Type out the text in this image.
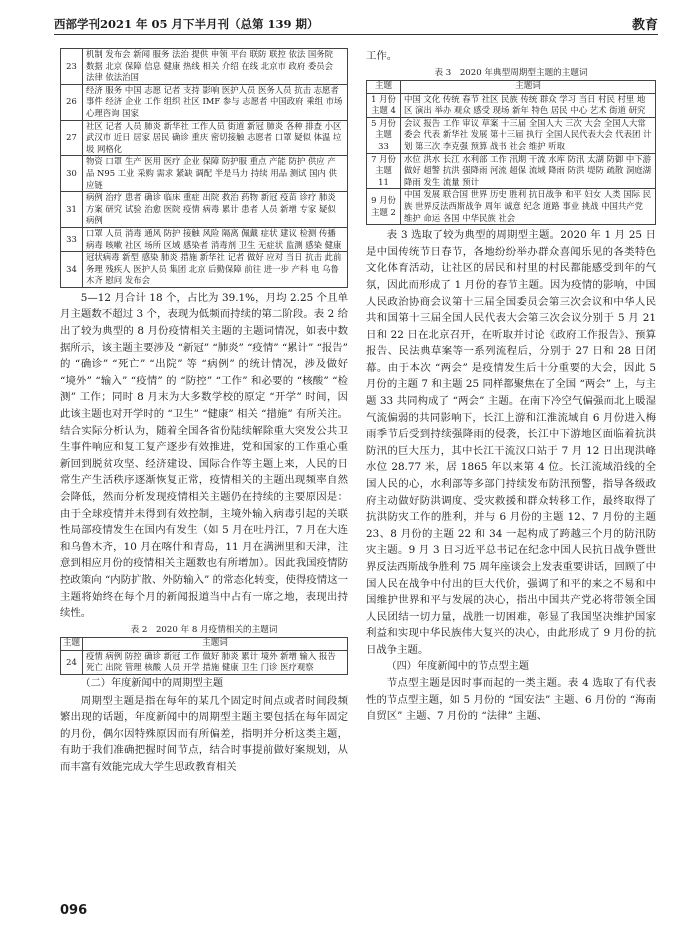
西部学刊2021 年 05 月下半月刊（总第 139 期）	教育
23	机制 发布会 新闻 服务 法治 提供 申领 平台 联防 联控 依法 国务院 数据 北京 保障 信息 健康 热线 相关 介绍 在线 北京市 政府 委员会 法律 依法治国
26	经济 服务 中国 志愿 记者 支持 影响 医护人员 医务人员 抗击 志愿者 事件 经济 企业 工作 组织 社区 IMF 参与 志愿者 中国政府 乘组 市场 心理咨询 国家
27	社区 记者 人员 肺炎 新华社 工作人员 街道 新冠 肺炎 各种 排查 小区 武汉市 近日 居家 居民 确诊 重庆 密切接触 志愿者 口罩 疑似 体温 垃圾 网格化
30	物资 口罩 生产 医用 医疗 企业 保障 防护服 重点 产能 防护 供应 产品 N95 工业 采购 需求 紧缺 调配 半是马力 持续 用品 测试 国内 供应链
31	病例 治疗 患者 确诊 临床 重症 出院 救治 药物 新冠 疫苗 诊疗 肺炎 方案 研究 试验 治愈 医院 疫情 病毒 累计 患者 人员 新增 专家 疑似病例
33	口罩 人员 消毒 通风 防护 接触 风险 隔离 佩戴 症状 建议 检测 传播 病毒 咳嗽 社区 场所 区域 感染者 消毒剂 卫生 无症状 监测 感染 健康
34	冠状病毒 新型 感染 肺炎 措施 新华社 记者 做好 应对 当日 抗击 此前 务理 残疾人 医护人员 集团 北京 后勤保障 前往 进一步 产科 电 乌鲁木齐 慰问 发布会
5—12 月合计 18 个，占比为 39.1%，月均 2.25 个且单月主题数不超过 3 个，表现为低频而持续的第二阶段。表 2 给出了较为典型的 8 月份疫情相关主题的主题词情况，如表中数据所示，该主题主要涉及 “新冠” “肺炎” “疫情” “累计” “报告” 的 “确诊” “死亡” “出院” 等 “病例” 的统计情况，涉及做好 “境外” “输入” “疫情” 的 “防控” “工作” 和必要的 “核酸” “检测” 工作；同时 8 月末为大多数学校的原定 “开学” 时间，因此该主题也对开学时的 “卫生” “健康” 相关 “措施” 有所关注。结合实际分析认为，随着全国各省份陆续解除重大突发公共卫生事件响应和复工复产逐步有效推进，党和国家的工作重心重新回到脱贫攻坚、经济建设、国际合作等主题上来，人民的日常生产生活秩序逐渐恢复正常，疫情相关的主题出现频率自然会降低，然而分析发现疫情相关主题仍在持续的主要原因是：由于全球疫情并未得到有效控制，主境外输入病毒引起的关联性局部疫情发生在国内有发生（如 5 月在吐丹江，7 月在大连和乌鲁木齐，10 月在喀什和青岛，11 月在满洲里和天津，注意到相应月份的疫情相关主题数也有所增加）。因此我国疫情防控政策向 “内防扩散、外防输入” 的常态化转变，使得疫情这一主题将始终在每个月的新闻报道当中占有一席之地，表现出持续性。
表 2　2020 年 8 月疫情相关的主题词
主题	主题词
24	疫情 病例 防控 确诊 新冠 工作 做好 肺炎 累计 境外 新增 输入 报告 死亡 出院 管理 核酸 人员 开学 措施 健康 卫生 门诊 医疗观察
（二）年度新闻中的周期型主题
周期型主题是指在每年的某几个固定时间点或者时间段频繁出现的话题，年度新闻中的周期型主题主要包括在每年固定的月份，偶尔因特殊原因而有所偏差，指明并分析这类主题，有助于我们准确把握时间节点，结合时事提前做好案规划，从而丰富有效能完成大学生思政教育相关
工作。
表 3　2020 年典型周期型主题的主题词
主题	主题词
1 月份 主题 4	中国 文化 传统 春节 社区 民族 传统 群众 学习 当日 村民 村里 地区 演出 举办 观众 感受 现场 新年 特色 居民 中心 艺术 街道 研究
5 月份 主题 33	会议 报告 工作 审议 草案 十三届 全国人大 三次 大会 全国人大常委会 代表 新华社 发展 第十三届 执行 全国人民代表大会 代表团 计划 第三次 李克强 预算 战书 社会 维护 听取
7 月份 主题 11	水位 洪水 长江 水利部 工作 汛期 干流 水库 防汛 太湖 防御 中下游 做好 超警 抗洪 强降雨 河流 超保 流域 降雨 防洪 堤防 疏散 洞庭湖 降雨 发生 流量 预计
9 月份 主题 2	中国 发展 联合国 世界 历史 胜利 抗日战争 和平 妇女 人类 国际 民族 世界反法西斯战争 周年 诚意 纪念 道路 事业 挑战 中国共产党 维护 命运 各国 中华民族 社会
表 3 选取了较为典型的周期型主题。2020 年 1 月 25 日是中国传统节日春节，各地纷纷举办群众喜闻乐见的各类特色文化体育活动，让社区的居民和村里的村民都能感受到年的气氛，因此而形成了 1 月份的春节主题。因为疫情的影响，中国人民政治协商会议第十三届全国委员会第三次会议和中华人民共和国第十三届全国人民代表大会第三次会议分别于 5 月 21 日和 22 日在北京召开，在听取并讨论《政府工作报告》、预算报告、民法典草案等一系列流程后，分别于 27 日和 28 日闭幕。由于本次 “两会” 是疫情发生后十分重要的大会，因此 5 月份的主题 7 和主题 25 同样都聚焦在了全国 “两会” 上，与主题 33 共同构成了 “两会” 主题。在南下冷空气偏强而北上暖湿气流偏弱的共同影响下，长江上游和江淮流域自 6 月份进入梅雨季节后受到持续强降雨的侵袭，长江中下游地区面临着抗洪防汛的巨大压力，其中长江干流汉口站于 7 月 12 日出现洪峰水位 28.77 米，居 1865 年以来第 4 位。长江流域沿线的全国人民的心，水利部等多部门持续发布防汛预警，指导各级政府主动做好防洪调度、受灾救援和群众转移工作，最终取得了抗洪防灾工作的胜利，并与 6 月份的主题 12、7 月份的主题 23、8 月份的主题 22 和 34 一起构成了跨越三个月的防汛防灾主题。9 月 3 日习近平总书记在纪念中国人民抗日战争暨世界反法西斯战争胜利 75 周年座谈会上发表重要讲话，回顾了中国人民在战争中付出的巨大代价，强调了和平的来之不易和中国维护世界和平与发展的决心，指出中国共产党必将带领全国人民团结一切力量，战胜一切困难，彰显了我国坚决维护国家利益和实现中华民族伟大复兴的决心，由此形成了 9 月份的抗日战争主题。
（四）年度新闻中的节点型主题
节点型主题是因时事而起的一类主题。表 4 选取了有代表性的节点型主题，如 5 月份的 “国安法” 主题、6 月份的 “海南自贸区” 主题、7 月份的 “法律” 主题、
096
